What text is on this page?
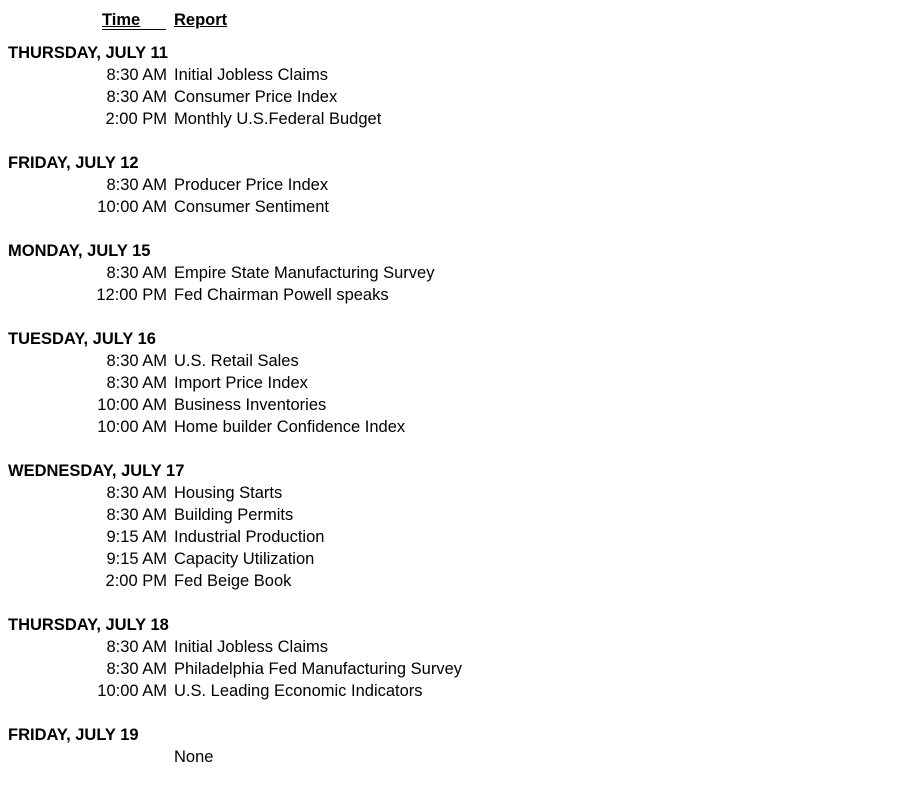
Time	Report
THURSDAY, JULY 11
8:30 AM Initial Jobless Claims
8:30 AM Consumer Price Index
2:00 PM Monthly U.S.Federal Budget
FRIDAY, JULY 12
8:30 AM Producer Price Index
10:00 AM Consumer Sentiment
MONDAY, JULY 15
8:30 AM Empire State Manufacturing Survey
12:00 PM Fed Chairman Powell speaks
TUESDAY, JULY 16
8:30 AM U.S. Retail Sales
8:30 AM Import Price Index
10:00 AM Business Inventories
10:00 AM Home builder Confidence Index
WEDNESDAY, JULY 17
8:30 AM Housing Starts
8:30 AM Building Permits
9:15 AM Industrial Production
9:15 AM Capacity Utilization
2:00 PM Fed Beige Book
THURSDAY, JULY 18
8:30 AM Initial Jobless Claims
8:30 AM Philadelphia Fed Manufacturing Survey
10:00 AM U.S. Leading Economic Indicators
FRIDAY, JULY 19
None
